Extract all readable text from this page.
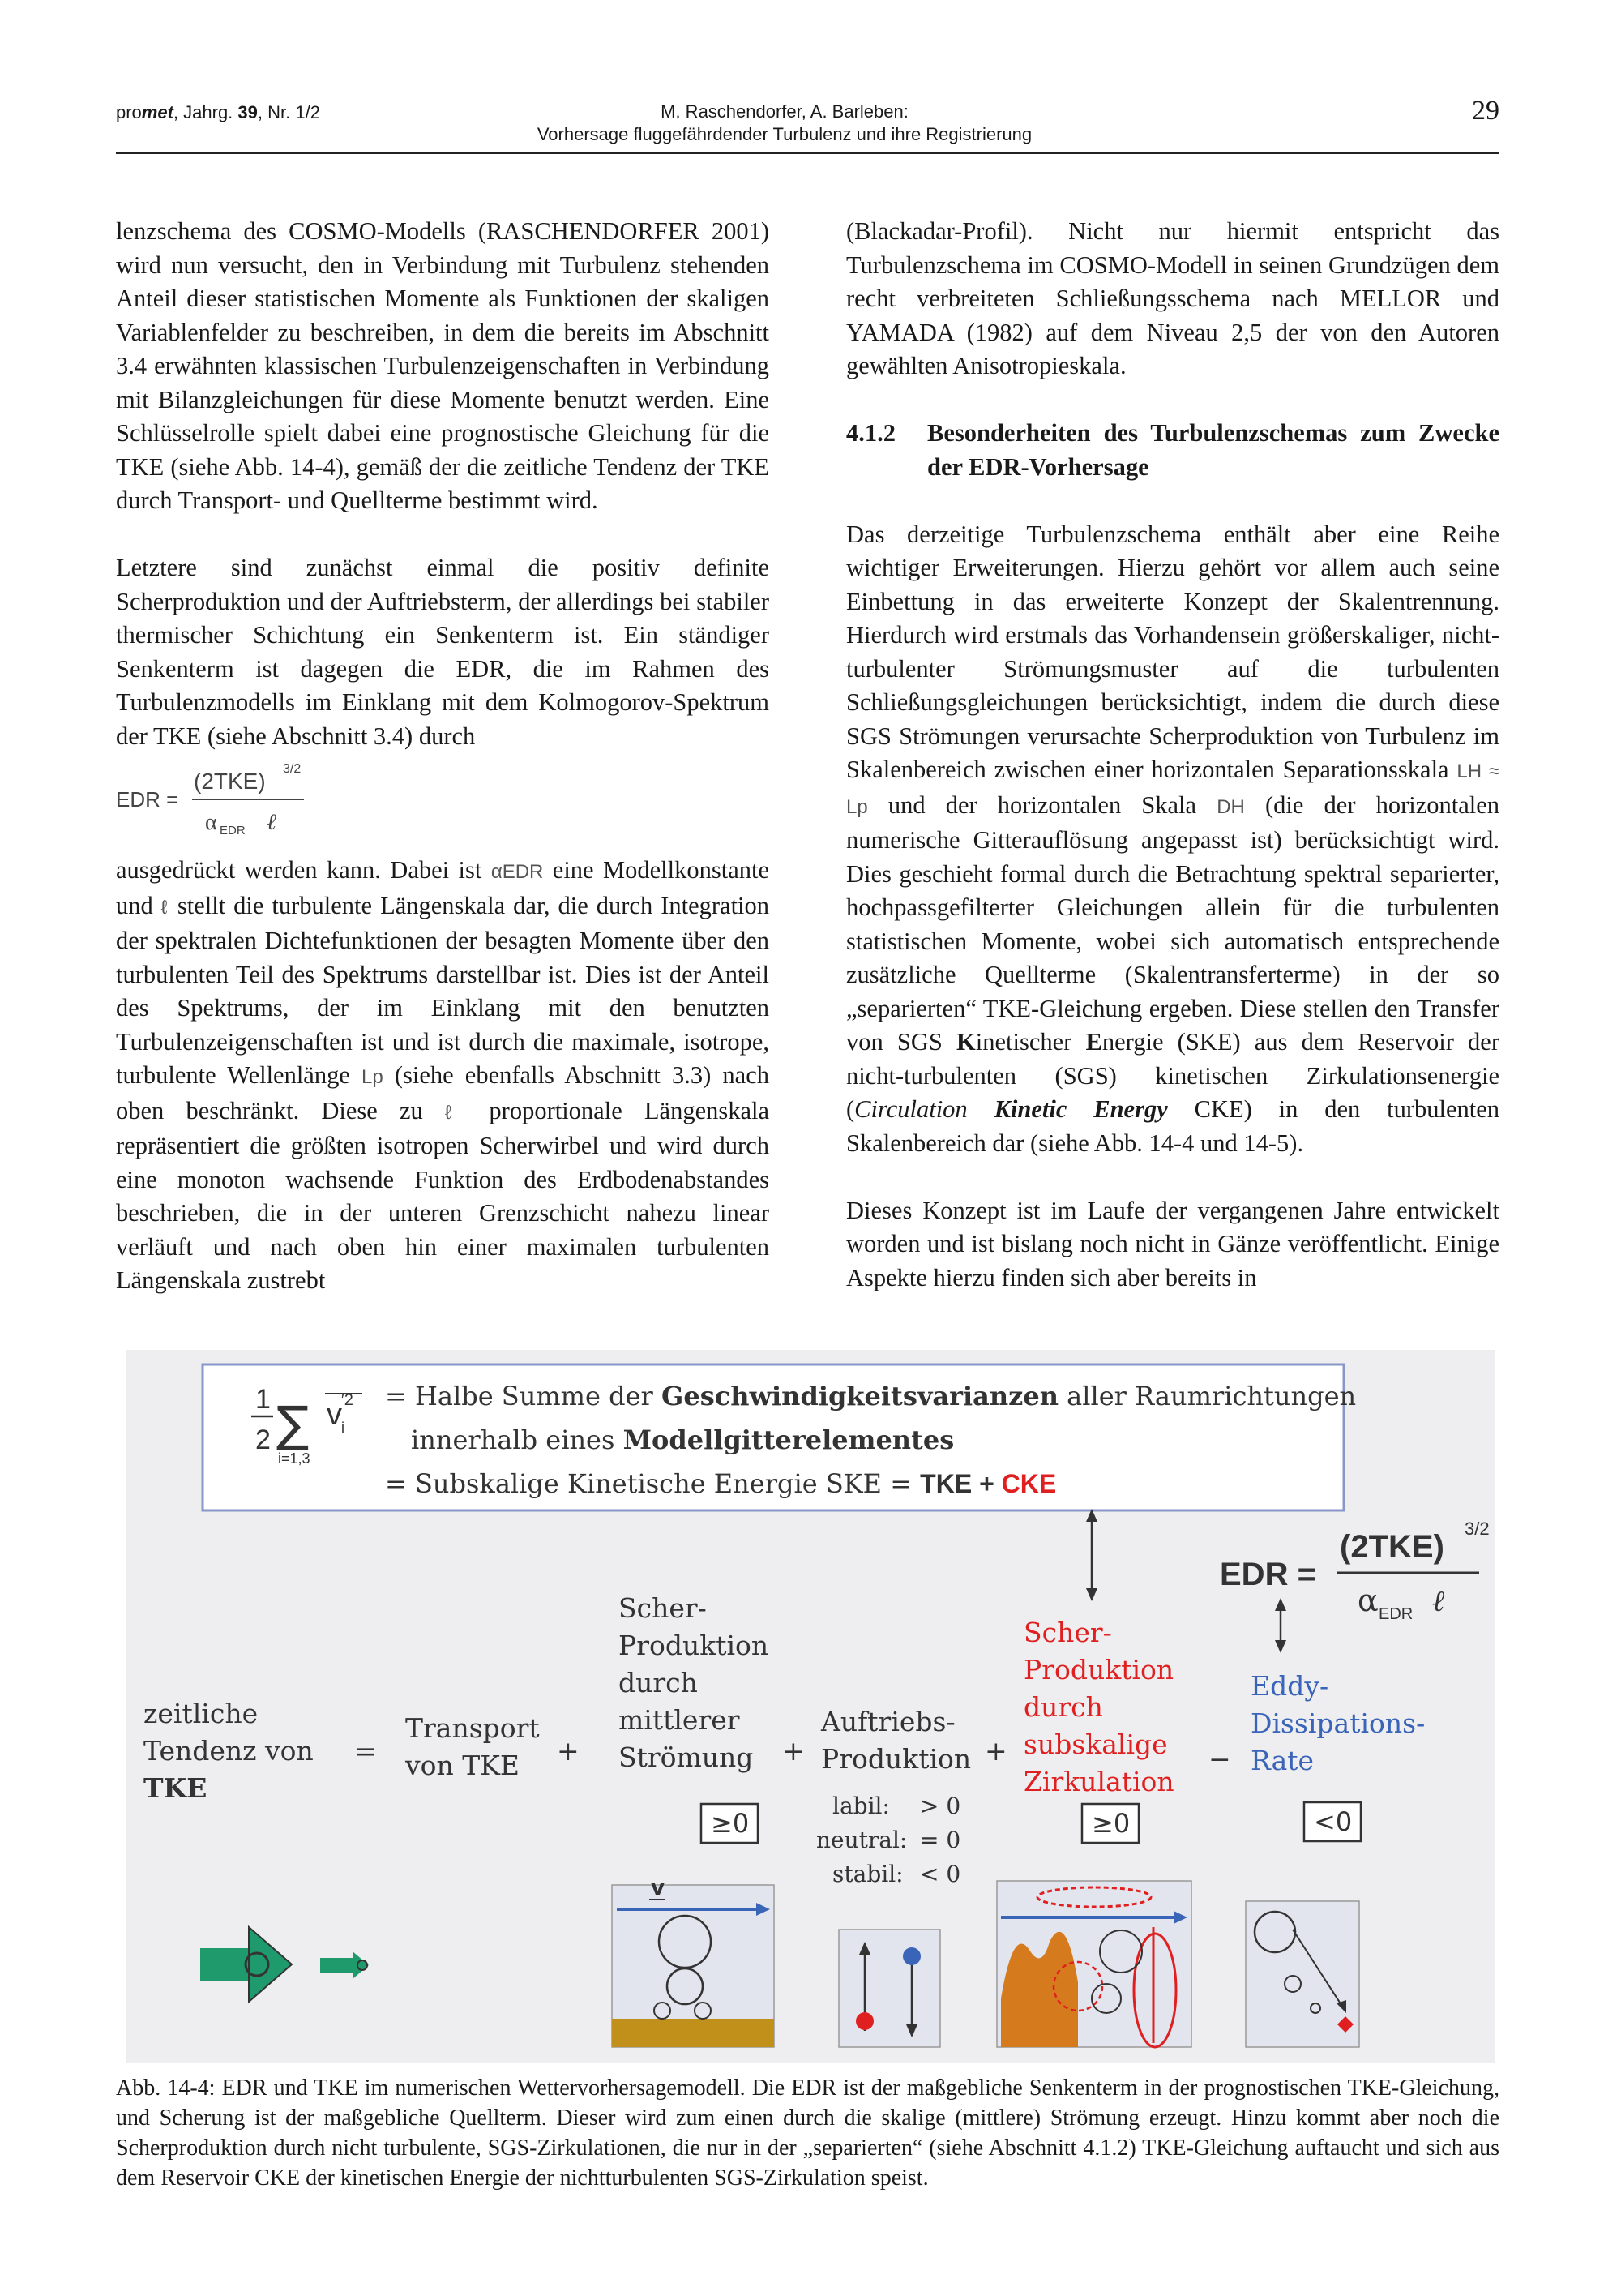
promet, Jahrg. 39, Nr. 1/2	M. Raschendorfer, A. Barleben:
Vorhersage fluggefährdender Turbulenz und ihre Registrierung
29

lenzschema des COSMO-Modells (RASCHENDORFER 2001) wird nun versucht, den in Verbindung mit Turbulenz stehenden Anteil dieser statistischen Momente als Funktionen der skaligen Variablenfelder zu beschreiben, in dem die bereits im Abschnitt 3.4 erwähnten klassischen Turbulenzeigenschaften in Verbindung mit Bilanzgleichungen für diese Momente benutzt werden. Eine Schlüsselrolle spielt dabei eine prognostische Gleichung für die TKE (siehe Abb. 14-4), gemäß der die zeitliche Tendenz der TKE durch Transport- und Quellterme bestimmt wird.

Letztere sind zunächst einmal die positiv definite Scherproduktion und der Auftriebsterm, der allerdings bei stabiler thermischer Schichtung ein Senkenterm ist. Ein ständiger Senkenterm ist dagegen die EDR, die im Rahmen des Turbulenzmodells im Einklang mit dem Kolmogorov-Spektrum der TKE (siehe Abschnitt 3.4) durch

EDR =
(2TKE) 3/2
α EDR ℓ

ausgedrückt werden kann. Dabei ist αEDR eine Modellkonstante und ℓ stellt die turbulente Längenskala dar, die durch Integration der spektralen Dichtefunktionen der besagten Momente über den turbulenten Teil des Spektrums darstellbar ist. Dies ist der Anteil des Spektrums, der im Einklang mit den benutzten Turbulenzeigenschaften ist und ist durch die maximale, isotrope, turbulente Wellenlänge Lp (siehe ebenfalls Abschnitt 3.3) nach oben beschränkt. Diese zu ℓ proportionale Längenskala repräsentiert die größten isotropen Scherwirbel und wird durch eine monoton wachsende Funktion des Erdbodenabstandes beschrieben, die in der unteren Grenzschicht nahezu linear verläuft und nach oben hin einer maximalen turbulenten Längenskala zustrebt

(Blackadar-Profil). Nicht nur hiermit entspricht das Turbulenzschema im COSMO-Modell in seinen Grundzügen dem recht verbreiteten Schließungsschema nach MELLOR und YAMADA (1982) auf dem Niveau 2,5 der von den Autoren gewählten Anisotropieskala.

4.1.2	Besonderheiten des Turbulenzschemas zum Zwecke der EDR-Vorhersage

Das derzeitige Turbulenzschema enthält aber eine Reihe wichtiger Erweiterungen. Hierzu gehört vor allem auch seine Einbettung in das erweiterte Konzept der Skalentrennung. Hierdurch wird erstmals das Vorhandensein größerskaliger, nicht-turbulenter Strömungsmuster auf die turbulenten Schließungsgleichungen berücksichtigt, indem die durch diese SGS Strömungen verursachte Scherproduktion von Turbulenz im Skalenbereich zwischen einer horizontalen Separationsskala LH ≈ Lp und der horizontalen Skala DH (die der horizontalen numerische Gitterauflösung angepasst ist) berücksichtigt wird. Dies geschieht formal durch die Betrachtung spektral separierter, hochpassgefilterter Gleichungen allein für die turbulenten statistischen Momente, wobei sich automatisch entsprechende zusätzliche Quellterme (Skalentransferterme) in der so „separierten“ TKE-Gleichung ergeben. Diese stellen den Transfer von SGS Kinetischer Energie (SKE) aus dem Reservoir der nicht-turbulenten (SGS) kinetischen Zirkulationsenergie (Circulation Kinetic Energy CKE) in den turbulenten Skalenbereich dar (siehe Abb. 14-4 und 14-5).

Dieses Konzept ist im Laufe der vergangenen Jahre entwickelt worden und ist bislang noch nicht in Gänze veröffentlicht. Einige Aspekte hierzu finden sich aber bereits in

1
2 ∑
i=1,3
v i
′2 = Halbe Summe der Geschwindigkeitsvarianzen aller Raumrichtungen
innerhalb eines Modellgitterelementes
= Subskalige Kinetische Energie SKE = TKE + CKE
EDR =
(2TKE)
3/2
α EDR ℓ
zeitliche
Tendenz von
TKE
=
Transport
von TKE +
Scher-
Produktion
durch
mittlerer
Strömung +
Auftriebs-
Produktion +
Scher-
Produktion
durch
subskalige
Zirkulation
−
Eddy-
Dissipations-
Rate
≥0	≥0	<0
labil: > 0
neutral: = 0
stabil: < 0
v
Abb. 14-4: EDR und TKE im numerischen Wettervorhersagemodell. Die EDR ist der maßgebliche Senkenterm in der prognostischen TKE-Gleichung, und Scherung ist der maßgebliche Quellterm. Dieser wird zum einen durch die skalige (mittlere) Strömung erzeugt. Hinzu kommt aber noch die Scherproduktion durch nicht turbulente, SGS-Zirkulationen, die nur in der „separierten“ (siehe Abschnitt 4.1.2) TKE-Gleichung auftaucht und sich aus dem Reservoir CKE der kinetischen Energie der nichtturbulenten SGS-Zirkulation speist.
